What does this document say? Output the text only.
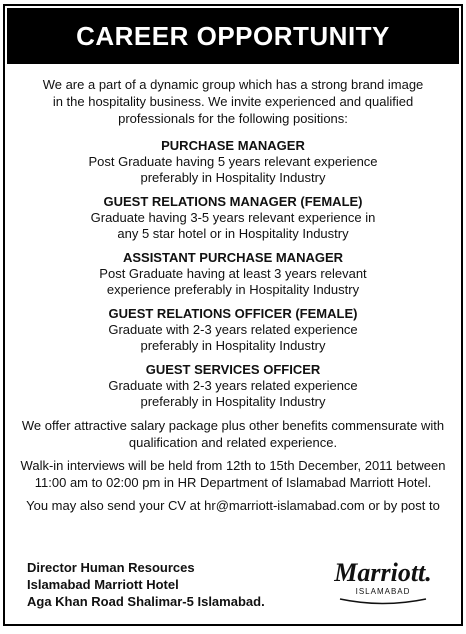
CAREER OPPORTUNITY
We are a part of a dynamic group which has a strong brand image
in the hospitality business. We invite experienced and qualified
professionals for the following positions:
PURCHASE MANAGER
Post Graduate having 5 years relevant experience
preferably in Hospitality Industry
GUEST RELATIONS MANAGER (FEMALE)
Graduate having 3-5 years relevant experience in
any 5 star hotel or in Hospitality Industry
ASSISTANT PURCHASE MANAGER
Post Graduate having at least 3 years relevant
experience preferably in Hospitality Industry
GUEST RELATIONS OFFICER (FEMALE)
Graduate with 2-3 years related experience
preferably in Hospitality Industry
GUEST SERVICES OFFICER
Graduate with 2-3 years related experience
preferably in Hospitality Industry
We offer attractive salary package plus other benefits commensurate with
qualification and related experience.
Walk-in interviews will be held from 12th to 15th December, 2011 between
11:00 am to 02:00 pm in HR Department of Islamabad Marriott Hotel.
You may also send your CV at hr@marriott-islamabad.com or by post to
Director Human Resources
Islamabad Marriott Hotel
Aga Khan Road Shalimar-5 Islamabad.
Marriott.
ISLAMABAD
